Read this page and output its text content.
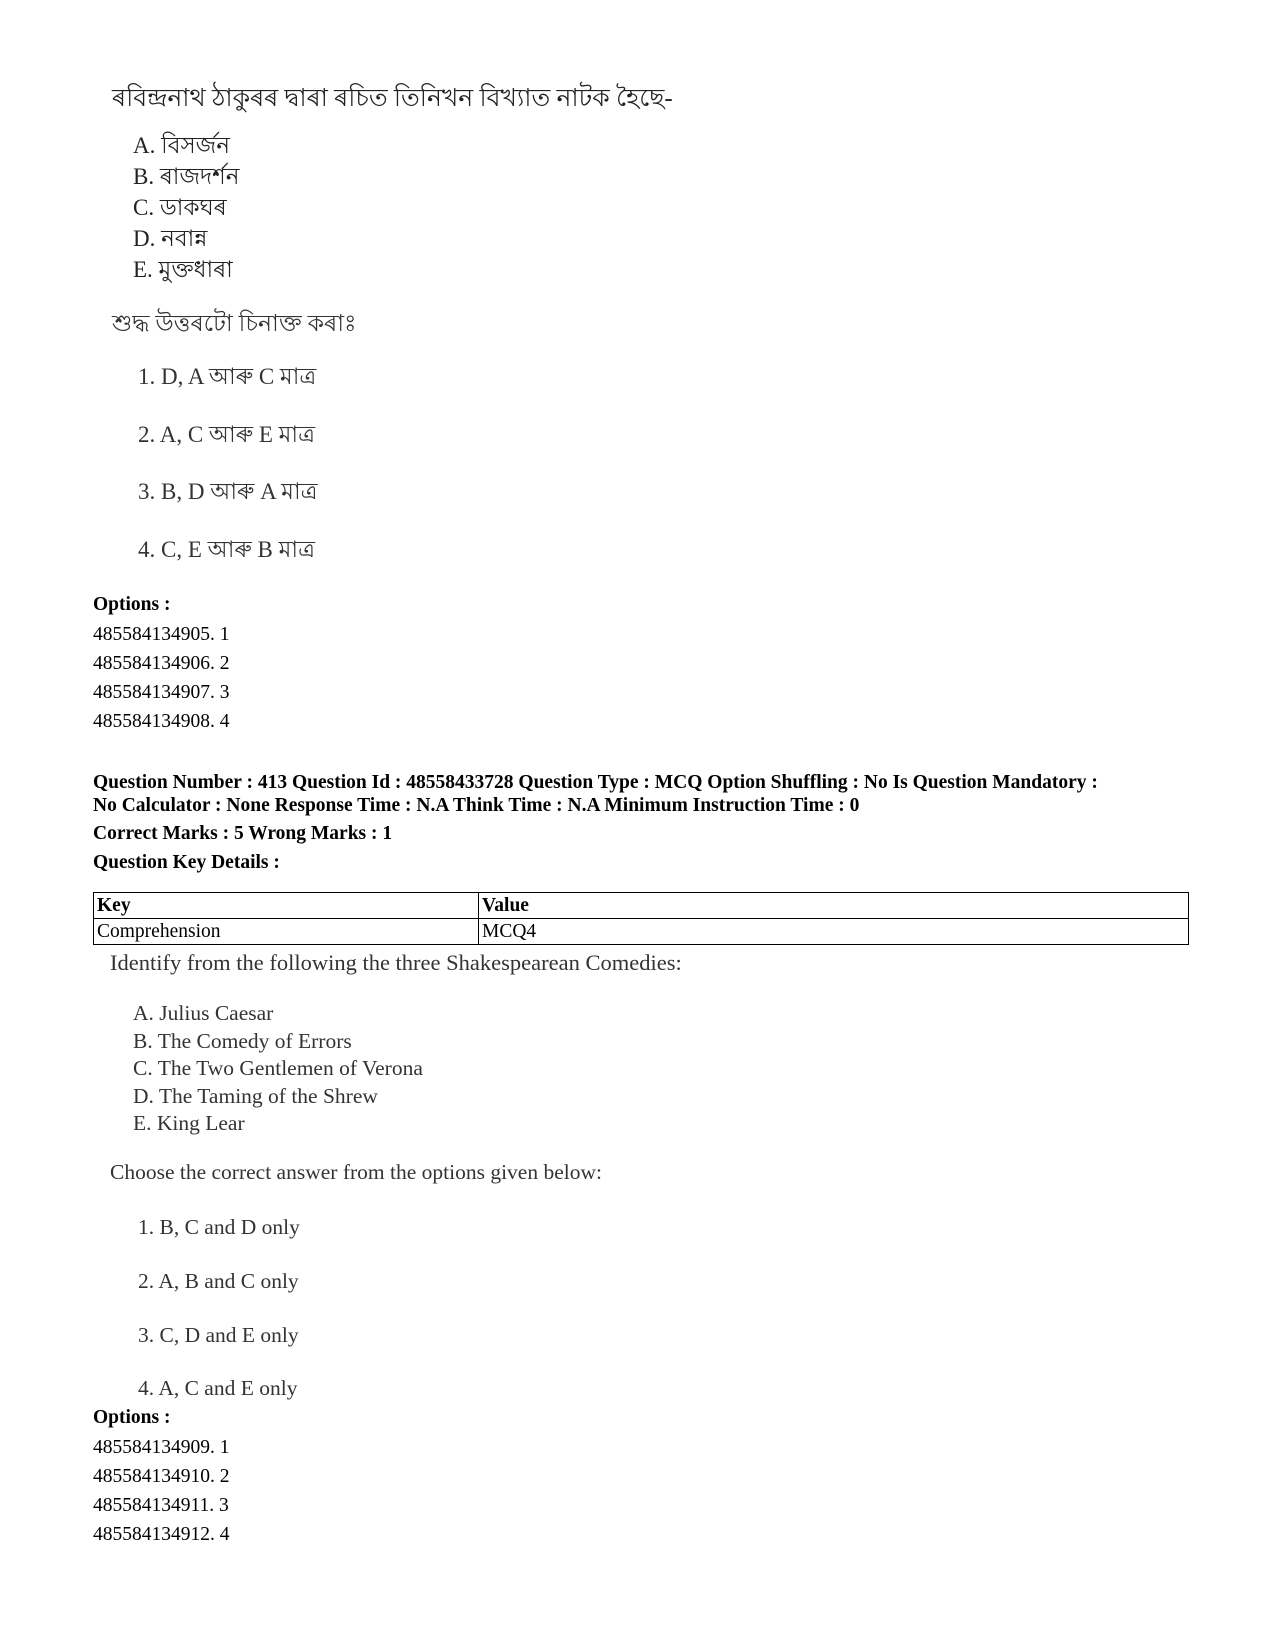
ৰবিন্দ্ৰনাথ ঠাকুৰৰ দ্বাৰা ৰচিত তিনিখন বিখ্যাত নাটক হৈছে-
A. বিসর্জন
B. ৰাজদর্শন
C. ডাকঘৰ
D. নবান্ন
E. মুক্তধাৰা
শুদ্ধ উত্তৰটো চিনাক্ত কৰাঃ
1. D, A আৰু C মাত্ৰ
2. A, C আৰু E মাত্ৰ
3. B, D আৰু A মাত্ৰ
4. C, E আৰু B মাত্ৰ
Options :
485584134905. 1
485584134906. 2
485584134907. 3
485584134908. 4
Question Number : 413 Question Id : 48558433728 Question Type : MCQ Option Shuffling : No Is Question Mandatory :
No Calculator : None Response Time : N.A Think Time : N.A Minimum Instruction Time : 0
Correct Marks : 5 Wrong Marks : 1
Question Key Details :
Key	Value
Comprehension	MCQ4
Identify from the following the three Shakespearean Comedies:
A. Julius Caesar
B. The Comedy of Errors
C. The Two Gentlemen of Verona
D. The Taming of the Shrew
E. King Lear
Choose the correct answer from the options given below:
1. B, C and D only
2. A, B and C only
3. C, D and E only
4. A, C and E only
Options :
485584134909. 1
485584134910. 2
485584134911. 3
485584134912. 4
